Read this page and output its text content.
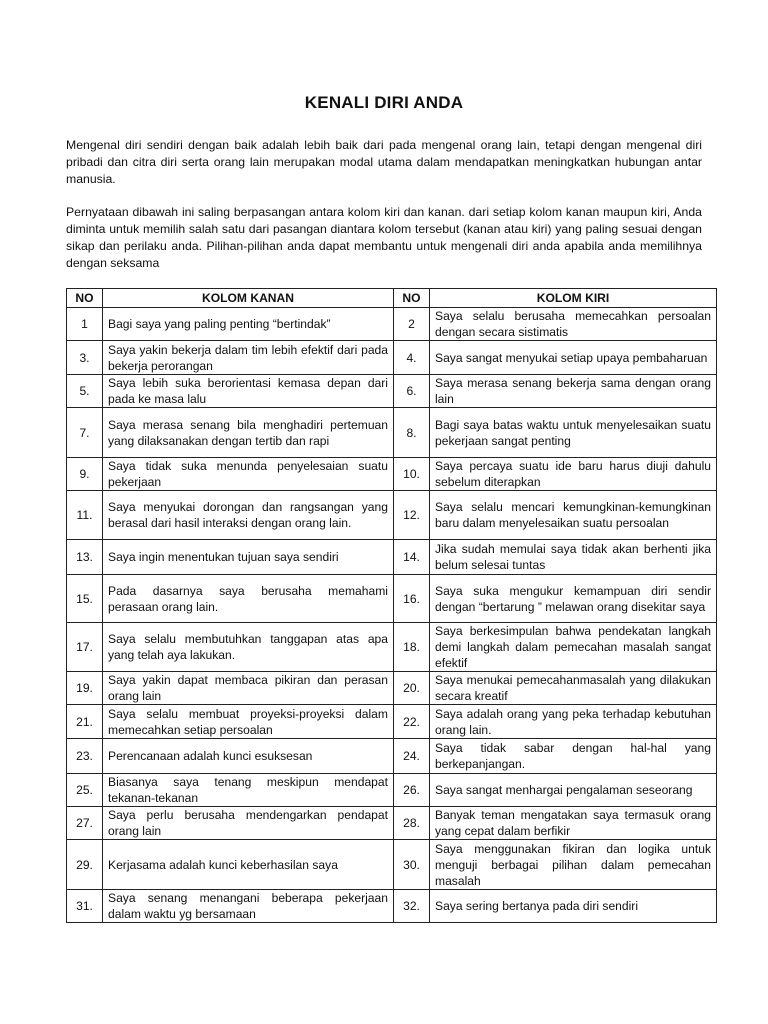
KENALI DIRI ANDA

Mengenal diri sendiri dengan baik adalah lebih baik dari pada mengenal orang lain, tetapi dengan mengenal diri pribadi dan citra diri serta orang lain merupakan modal utama dalam mendapatkan meningkatkan hubungan antar manusia.

Pernyataan dibawah ini saling berpasangan antara kolom kiri dan kanan. dari setiap kolom kanan maupun kiri, Anda diminta untuk memilih salah satu dari pasangan diantara kolom tersebut (kanan atau kiri) yang paling sesuai dengan sikap dan perilaku anda. Pilihan-pilihan anda dapat membantu untuk mengenali diri anda apabila anda memilihnya dengan seksama

NO	KOLOM KANAN	NO	KOLOM KIRI
1	Bagi saya yang paling penting “bertindak”	2	Saya selalu berusaha memecahkan persoalan dengan secara sistimatis
3.	Saya yakin bekerja dalam tim lebih efektif dari pada bekerja perorangan	4.	Saya sangat menyukai setiap upaya pembaharuan
5.	Saya lebih suka berorientasi kemasa depan dari pada ke masa lalu	6.	Saya merasa senang bekerja sama dengan orang lain
7.	Saya merasa senang bila menghadiri pertemuan yang dilaksanakan dengan tertib dan rapi	8.	Bagi saya batas waktu untuk menyelesaikan suatu pekerjaan sangat penting
9.	Saya tidak suka menunda penyelesaian suatu pekerjaan	10.	Saya percaya suatu ide baru harus diuji dahulu sebelum diterapkan
11.	Saya menyukai dorongan dan rangsangan yang berasal dari hasil interaksi dengan orang lain.	12.	Saya selalu mencari kemungkinan-kemungkinan baru dalam menyelesaikan suatu persoalan
13.	Saya ingin menentukan tujuan saya sendiri	14.	Jika sudah memulai saya tidak akan berhenti jika belum selesai tuntas
15.	Pada dasarnya saya berusaha memahami perasaan orang lain.	16.	Saya suka mengukur kemampuan diri sendir dengan “bertarung ” melawan orang disekitar saya
17.	Saya selalu membutuhkan tanggapan atas apa yang telah aya lakukan.	18.	Saya berkesimpulan bahwa pendekatan langkah demi langkah dalam pemecahan masalah sangat efektif
19.	Saya yakin dapat membaca pikiran dan perasan orang lain	20.	Saya menukai pemecahanmasalah yang dilakukan secara kreatif
21.	Saya selalu membuat proyeksi-proyeksi dalam memecahkan setiap persoalan	22.	Saya adalah orang yang peka terhadap kebutuhan orang lain.
23.	Perencanaan adalah kunci esuksesan	24.	Saya tidak sabar dengan hal-hal yang berkepanjangan.
25.	Biasanya saya tenang meskipun mendapat tekanan-tekanan	26.	Saya sangat menhargai pengalaman seseorang
27.	Saya perlu berusaha mendengarkan pendapat orang lain	28.	Banyak teman mengatakan saya termasuk orang yang cepat dalam berfikir
29.	Kerjasama adalah kunci keberhasilan saya	30.	Saya menggunakan fikiran dan logika untuk menguji berbagai pilihan dalam pemecahan masalah
31.	Saya senang menangani beberapa pekerjaan dalam waktu yg bersamaan	32.	Saya sering bertanya pada diri sendiri
